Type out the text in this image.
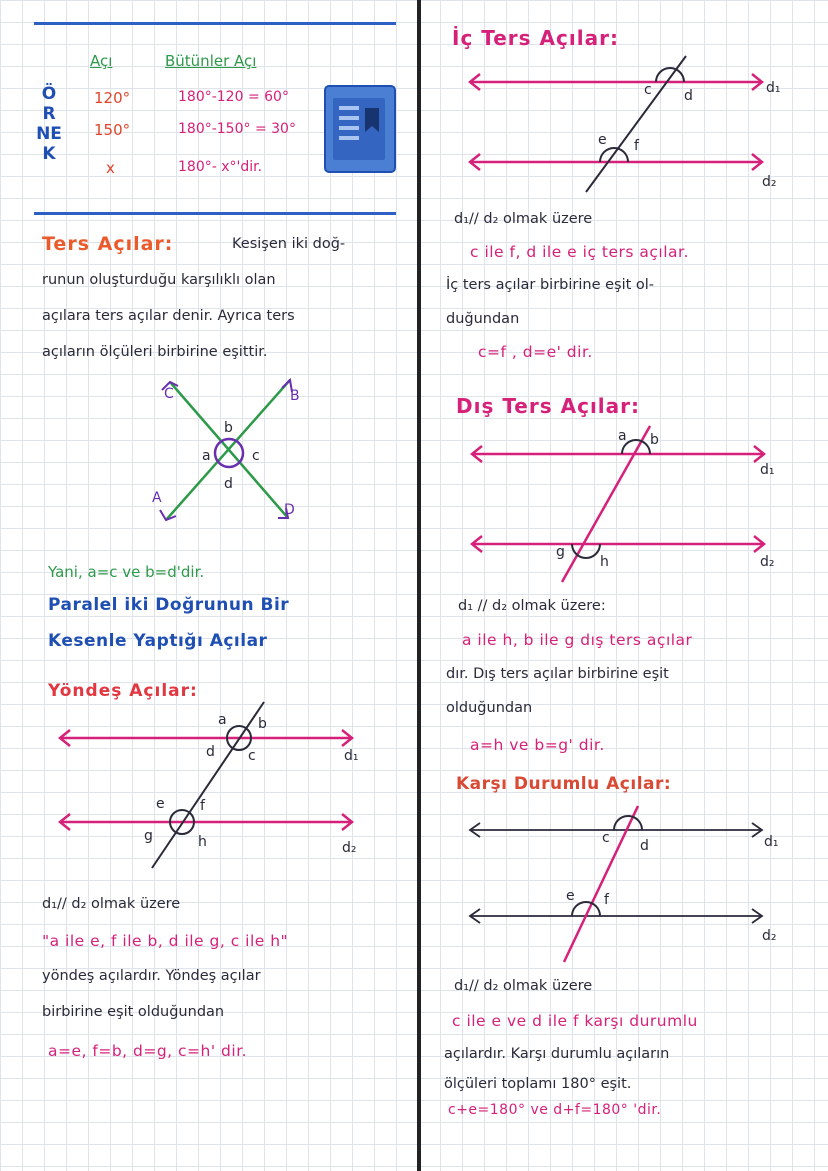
ÖRNEK
Açı	Bütünler Açı
120°	180°-120 = 60°
150°	180°-150° = 30°
x	180°- x°'dir.
Ters Açılar:	Kesişen iki doğ-
runun oluşturduğu karşılıklı olan
açılara ters açılar denir. Ayrıca ters
açıların ölçüleri birbirine eşittir.
b
a	c
d
C	B
A
D
Yani, a=c ve b=d'dir.
Paralel iki Doğrunun Bir
Kesenle Yaptığı Açılar
Yöndeş Açılar:
a b
d c
e	f
g	h
d₁
d₂
d₁// d₂ olmak üzere
"a ile e, f ile b, d ile g, c ile h"
yöndeş açılardır. Yöndeş açılar
birbirine eşit olduğundan
a=e, f=b, d=g, c=h' dir.
İç Ters Açılar:
c d
e f
d₁
d₂
d₁// d₂ olmak üzere
c ile f, d ile e iç ters açılar.
İç ters açılar birbirine eşit ol-
duğundan
c=f , d=e' dir.
Dış Ters Açılar:
a b
g
h
d₁
d₂
d₁ // d₂ olmak üzere:
a ile h, b ile g dış ters açılar
dır. Dış ters açılar birbirine eşit
olduğundan
a=h ve b=g' dir.
Karşı Durumlu Açılar:
c d
e f
d₁
d₂
d₁// d₂ olmak üzere
c ile e ve d ile f karşı durumlu
açılardır. Karşı durumlu açıların
ölçüleri toplamı 180° eşit.
c+e=180° ve d+f=180° 'dir.
